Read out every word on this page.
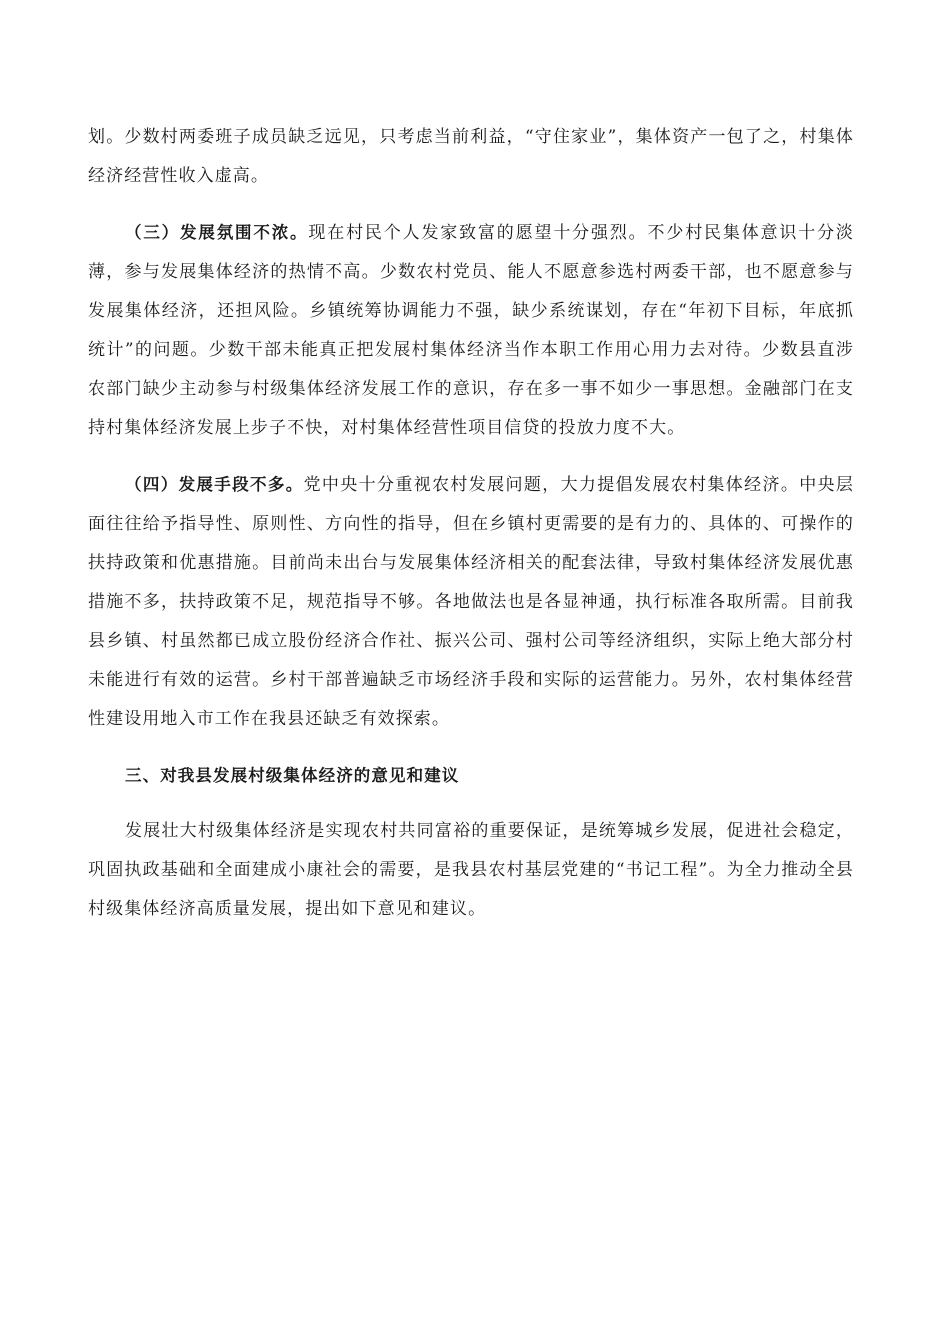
划。少数村两委班子成员缺乏远见，只考虑当前利益，“守住家业”，集体资产一包了之，村集体经济经营性收入虚高。

（三）发展氛围不浓。现在村民个人发家致富的愿望十分强烈。不少村民集体意识十分淡薄，参与发展集体经济的热情不高。少数农村党员、能人不愿意参选村两委干部，也不愿意参与发展集体经济，还担风险。乡镇统筹协调能力不强，缺少系统谋划，存在“年初下目标，年底抓统计”的问题。少数干部未能真正把发展村集体经济当作本职工作用心用力去对待。少数县直涉农部门缺少主动参与村级集体经济发展工作的意识，存在多一事不如少一事思想。金融部门在支持村集体经济发展上步子不快，对村集体经营性项目信贷的投放力度不大。

（四）发展手段不多。党中央十分重视农村发展问题，大力提倡发展农村集体经济。中央层面往往给予指导性、原则性、方向性的指导，但在乡镇村更需要的是有力的、具体的、可操作的扶持政策和优惠措施。目前尚未出台与发展集体经济相关的配套法律，导致村集体经济发展优惠措施不多，扶持政策不足，规范指导不够。各地做法也是各显神通，执行标准各取所需。目前我县乡镇、村虽然都已成立股份经济合作社、振兴公司、强村公司等经济组织，实际上绝大部分村未能进行有效的运营。乡村干部普遍缺乏市场经济手段和实际的运营能力。另外，农村集体经营性建设用地入市工作在我县还缺乏有效探索。

三、对我县发展村级集体经济的意见和建议

发展壮大村级集体经济是实现农村共同富裕的重要保证，是统筹城乡发展，促进社会稳定，巩固执政基础和全面建成小康社会的需要，是我县农村基层党建的“书记工程”。为全力推动全县村级集体经济高质量发展，提出如下意见和建议。
